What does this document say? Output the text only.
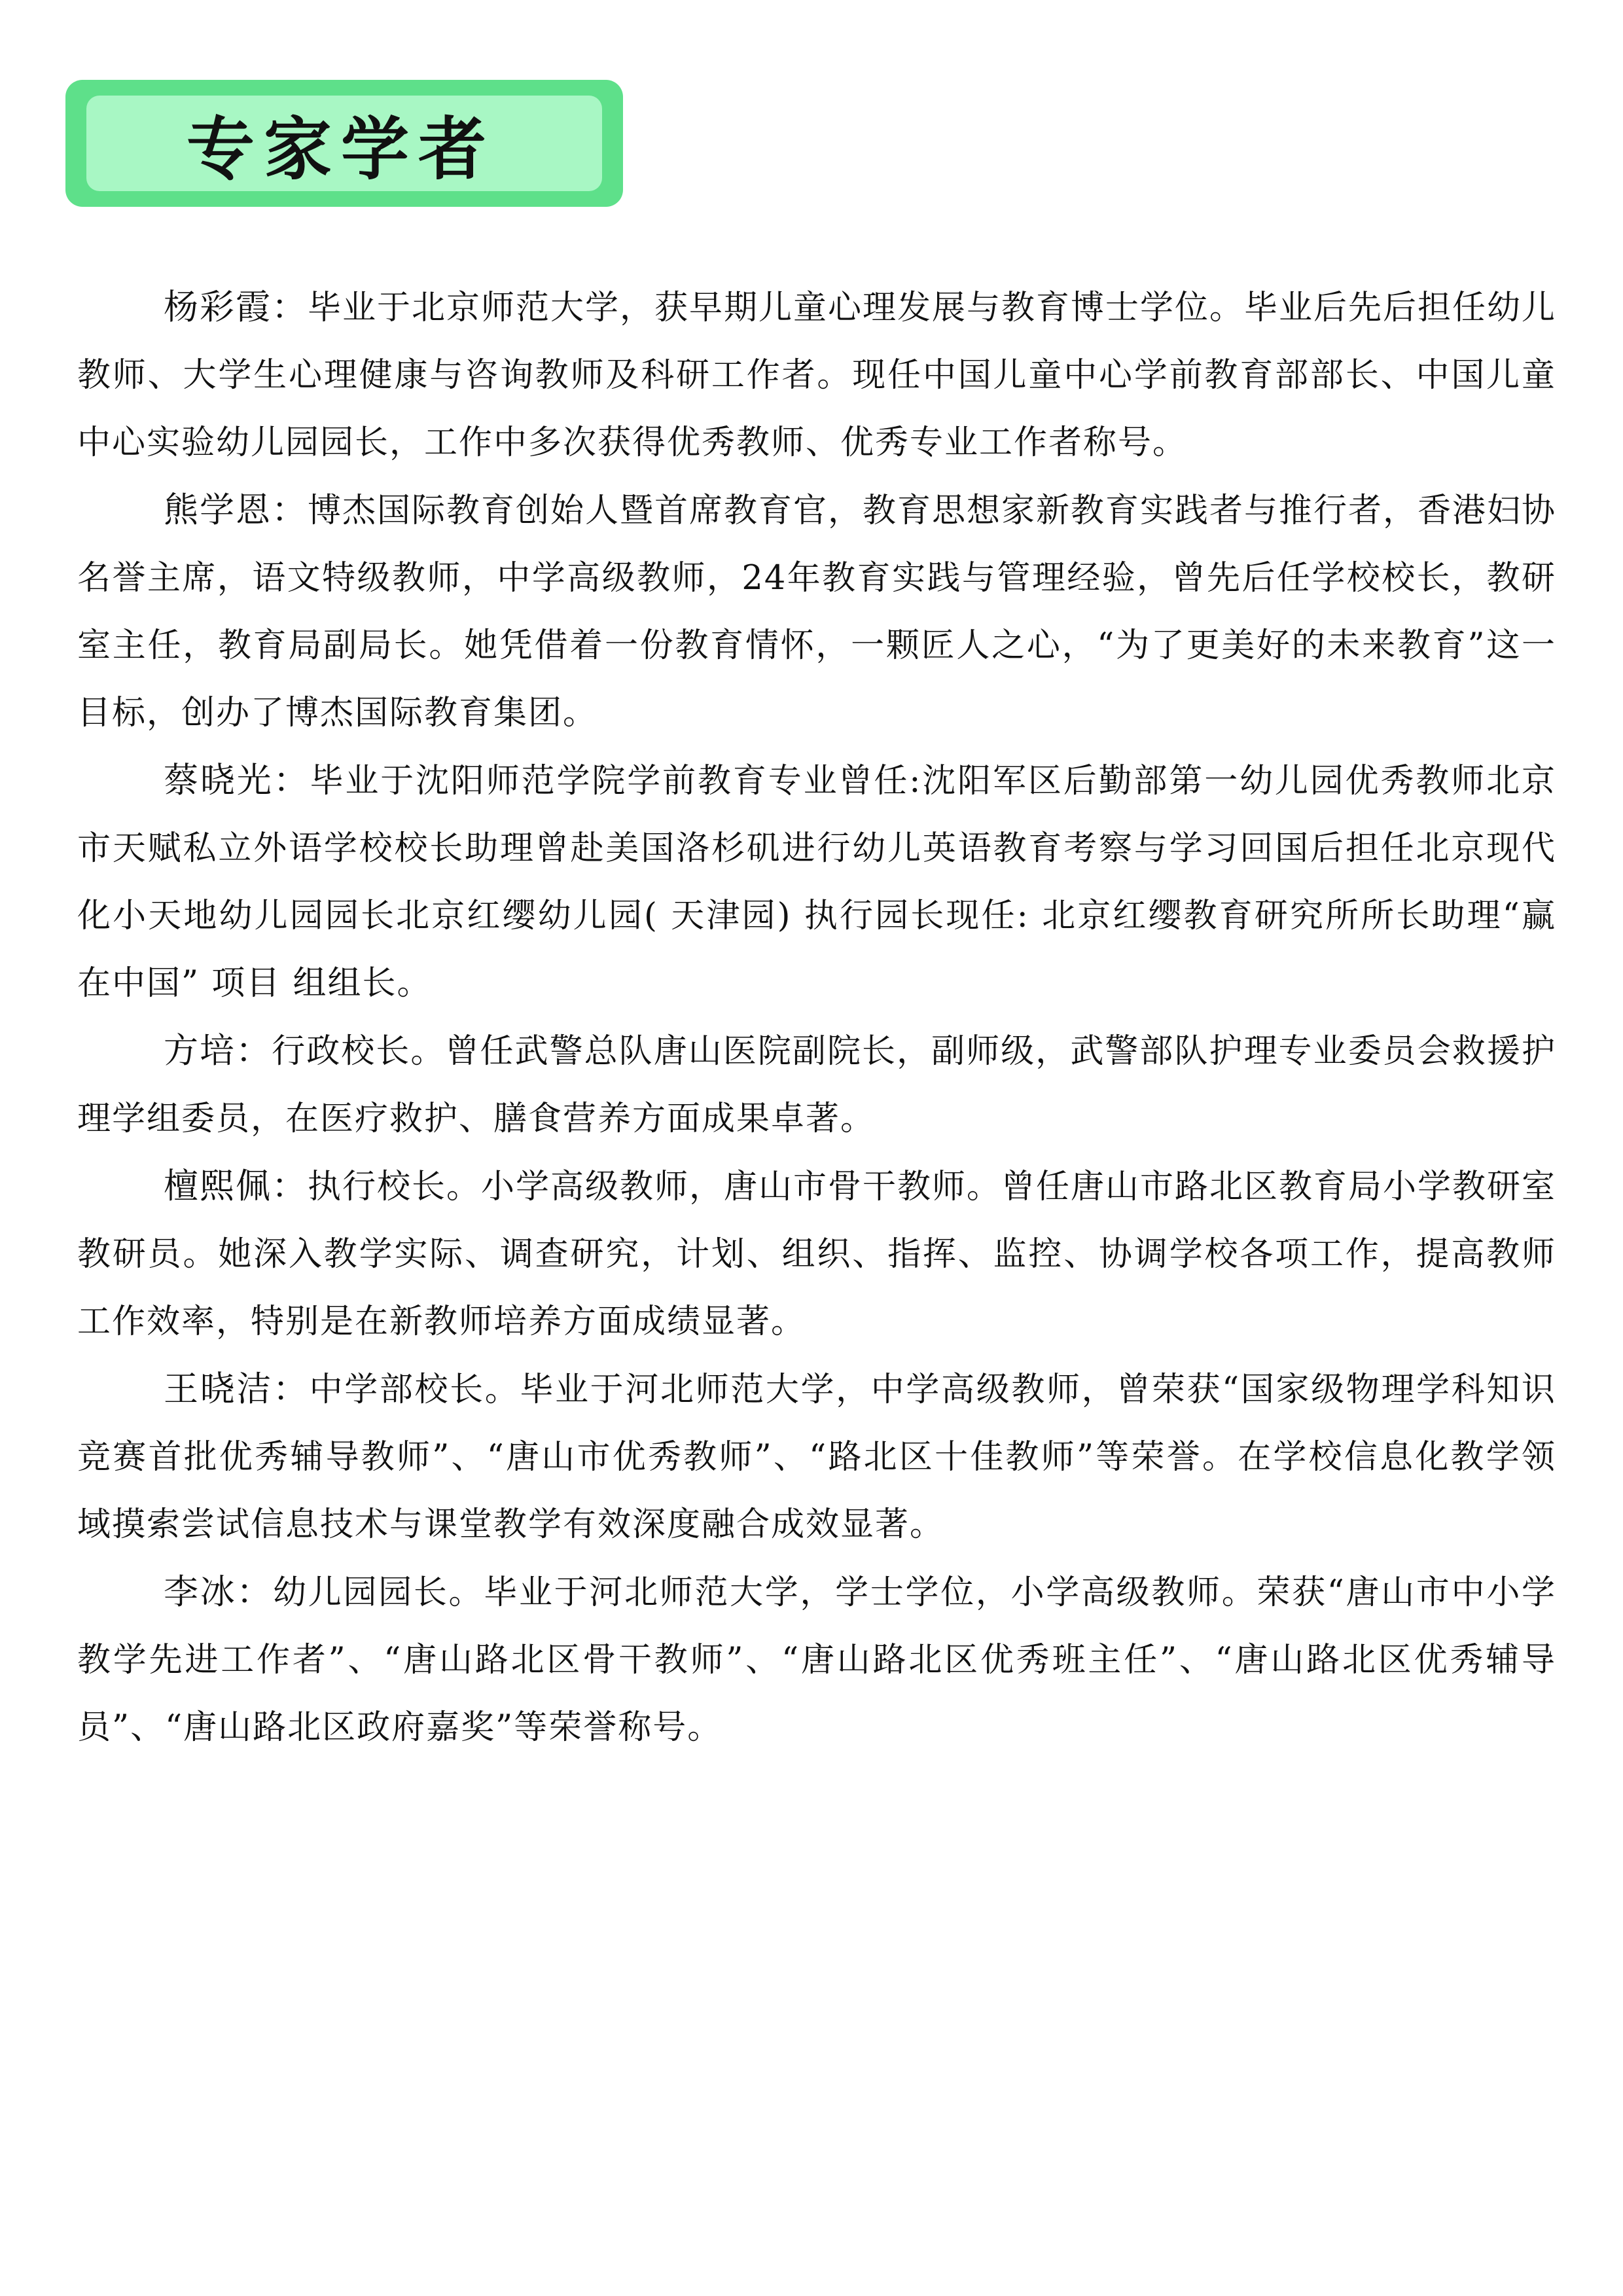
专家学者

杨彩霞：毕业于北京师范大学，获早期儿童心理发展与教育博士学位。毕业后先后担任幼儿教师、大学生心理健康与咨询教师及科研工作者。现任中国儿童中心学前教育部部长、中国儿童中心实验幼儿园园长，工作中多次获得优秀教师、优秀专业工作者称号。

熊学恩：博杰国际教育创始人暨首席教育官，教育思想家新教育实践者与推行者，香港妇协名誉主席，语文特级教师，中学高级教师，24年教育实践与管理经验，曾先后任学校校长，教研室主任，教育局副局长。她凭借着一份教育情怀，一颗匠人之心，“为了更美好的未来教育”这一目标，创办了博杰国际教育集团。

蔡晓光：毕业于沈阳师范学院学前教育专业曾任:沈阳军区后勤部第一幼儿园优秀教师北京市天赋私立外语学校校长助理曾赴美国洛杉矶进行幼儿英语教育考察与学习回国后担任北京现代化小天地幼儿园园长北京红缨幼儿园( 天津园) 执行园长现任: 北京红缨教育研究所所长助理“赢在中国” 项目 组组长。

方培：行政校长。曾任武警总队唐山医院副院长，副师级，武警部队护理专业委员会救援护理学组委员，在医疗救护、膳食营养方面成果卓著。

檀熙佩：执行校长。小学高级教师，唐山市骨干教师。曾任唐山市路北区教育局小学教研室教研员。她深入教学实际、调查研究，计划、组织、指挥、监控、协调学校各项工作，提高教师工作效率，特别是在新教师培养方面成绩显著。

王晓洁：中学部校长。毕业于河北师范大学，中学高级教师，曾荣获“国家级物理学科知识竞赛首批优秀辅导教师”、“唐山市优秀教师”、“路北区十佳教师”等荣誉。在学校信息化教学领域摸索尝试信息技术与课堂教学有效深度融合成效显著。

李冰：幼儿园园长。毕业于河北师范大学，学士学位，小学高级教师。荣获“唐山市中小学教学先进工作者”、“唐山路北区骨干教师”、“唐山路北区优秀班主任”、“唐山路北区优秀辅导员”、“唐山路北区政府嘉奖”等荣誉称号。
